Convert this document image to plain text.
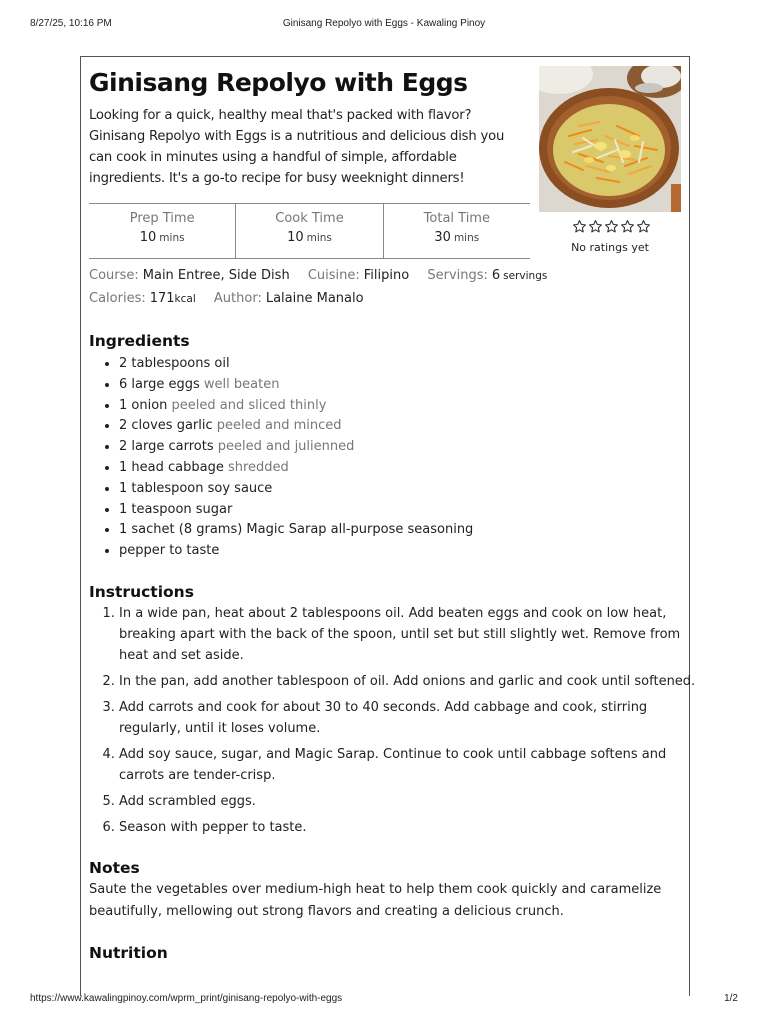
8/27/25, 10:16 PM	Ginisang Repolyo with Eggs - Kawaling Pinoy
Ginisang Repolyo with Eggs
Looking for a quick, healthy meal that's packed with flavor? Ginisang Repolyo with Eggs is a nutritious and delicious dish you can cook in minutes using a handful of simple, affordable ingredients. It's a go-to recipe for busy weeknight dinners!
No ratings yet
Prep Time
10 mins
Cook Time
10 mins
Total Time
30 mins
Course: Main Entree, Side Dish Cuisine: Filipino Servings: 6 servings
Calories: 171kcal Author: Lalaine Manalo
Ingredients
• 2 tablespoons oil
• 6 large eggs well beaten
• 1 onion peeled and sliced thinly
• 2 cloves garlic peeled and minced
• 2 large carrots peeled and julienned
• 1 head cabbage shredded
• 1 tablespoon soy sauce
• 1 teaspoon sugar
• 1 sachet (8 grams) Magic Sarap all-purpose seasoning
• pepper to taste
Instructions
1. In a wide pan, heat about 2 tablespoons oil. Add beaten eggs and cook on low heat, breaking apart with the back of the spoon, until set but still slightly wet. Remove from heat and set aside.
2. In the pan, add another tablespoon of oil. Add onions and garlic and cook until softened.
3. Add carrots and cook for about 30 to 40 seconds. Add cabbage and cook, stirring regularly, until it loses volume.
4. Add soy sauce, sugar, and Magic Sarap. Continue to cook until cabbage softens and carrots are tender-crisp.
5. Add scrambled eggs.
6. Season with pepper to taste.
Notes
Saute the vegetables over medium-high heat to help them cook quickly and caramelize beautifully, mellowing out strong flavors and creating a delicious crunch.
Nutrition
https://www.kawalingpinoy.com/wprm_print/ginisang-repolyo-with-eggs	1/2
